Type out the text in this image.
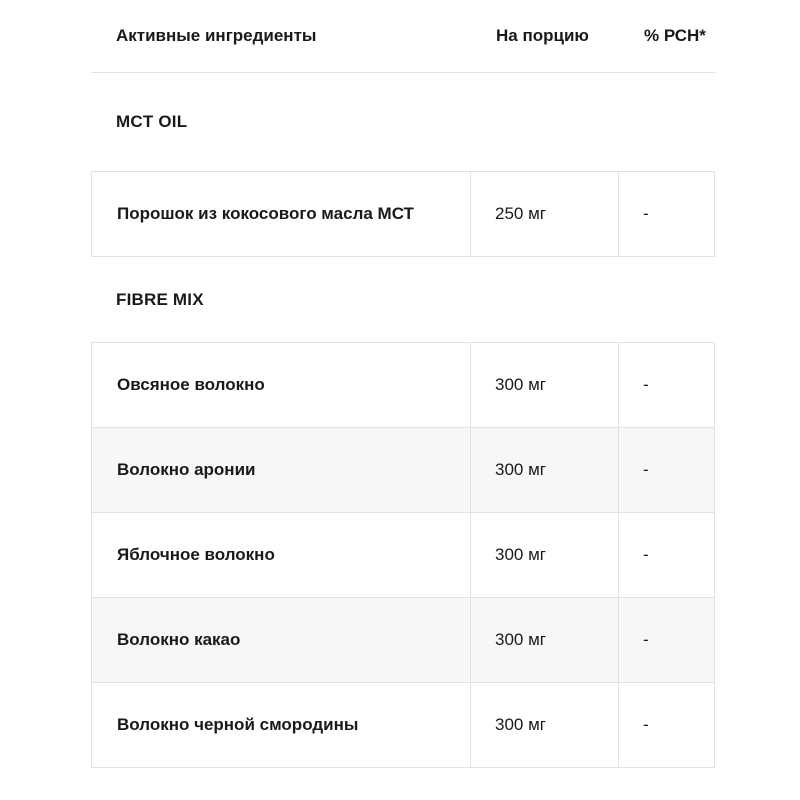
Активные ингредиенты	На порцию	% РСН*
MCT OIL
Порошок из кокосового масла МСТ	250 мг	-
FIBRE MIX
Овсяное волокно	300 мг	-
Волокно аронии	300 мг	-
Яблочное волокно	300 мг	-
Волокно какао	300 мг	-
Волокно черной смородины	300 мг	-
